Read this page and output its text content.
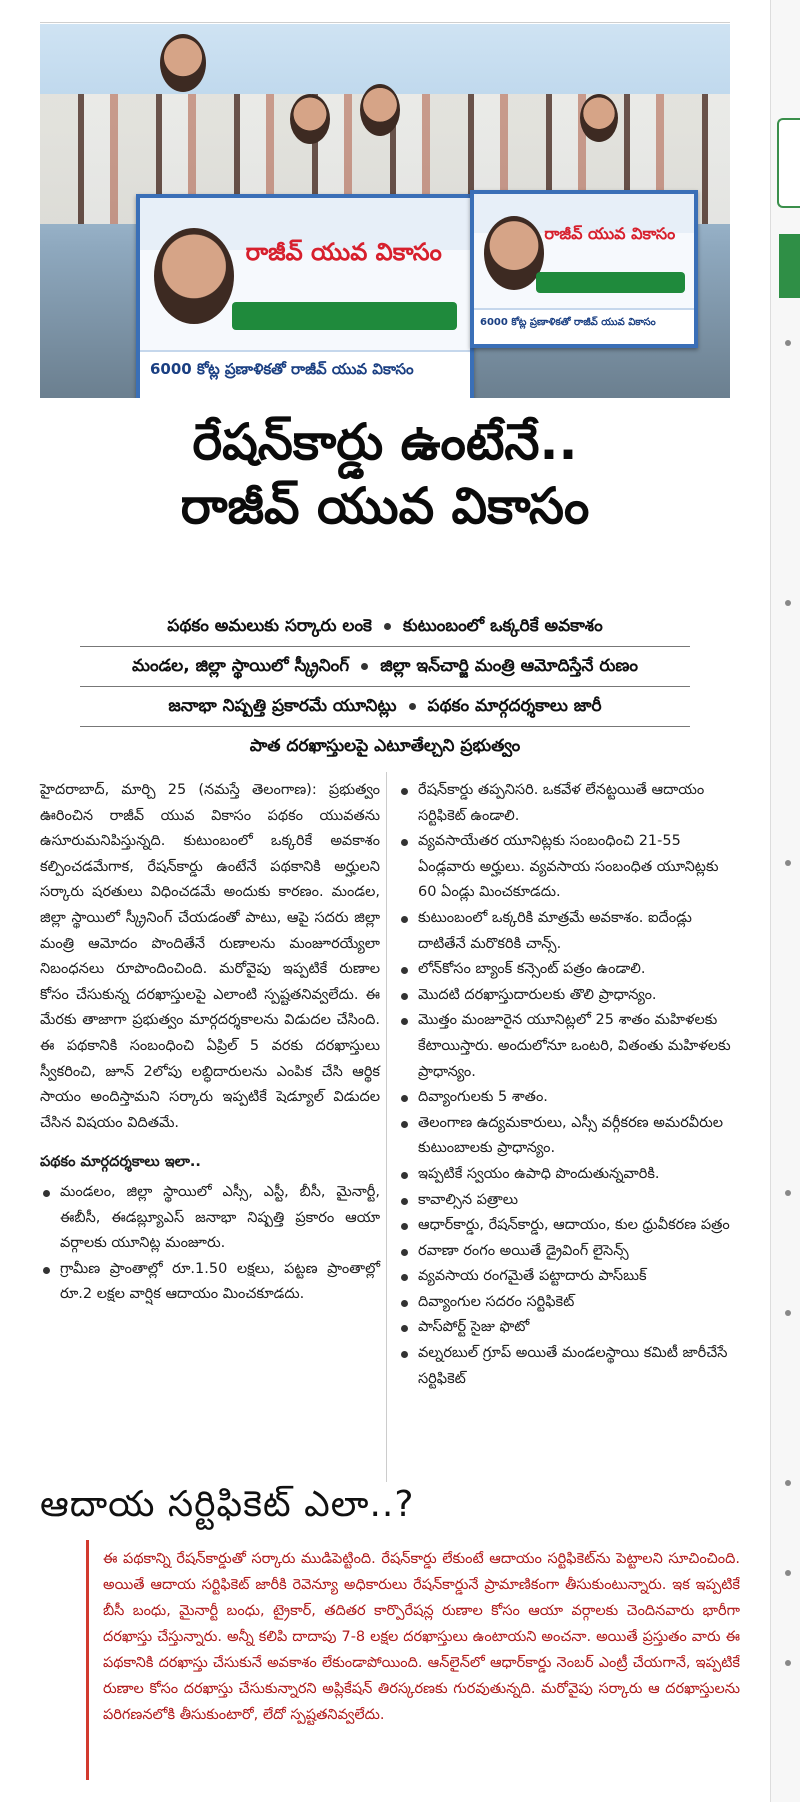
రాజీవ్ యువ వికాసం
6000 కోట్ల ప్రణాళికతో రాజీవ్ యువ వికాసం
రాజీవ్ యువ వికాసం
6000 కోట్ల ప్రణాళికతో రాజీవ్ యువ వికాసం
రేషన్‌కార్డు ఉంటేనే..
రాజీవ్ యువ వికాసం
పథకం అమలుకు సర్కారు లంకె కుటుంబంలో ఒక్కరికే అవకాశం
మండల, జిల్లా స్థాయిలో స్క్రీనింగ్ జిల్లా ఇన్‌చార్జి మంత్రి ఆమోదిస్తేనే రుణం
జనాభా నిష్పత్తి ప్రకారమే యూనిట్లు పథకం మార్గదర్శకాలు జారీ
పాత దరఖాస్తులపై ఎటూతేల్చని ప్రభుత్వం

హైదరాబాద్, మార్చి 25 (నమస్తే తెలంగాణ): ప్రభుత్వం ఊరించిన రాజీవ్ యువ వికాసం పథకం యువతను ఉసూరుమనిపిస్తున్నది. కుటుంబంలో ఒక్కరికే అవకాశం కల్పించడమేగాక, రేషన్‌కార్డు ఉంటేనే పథకానికి అర్హులని సర్కారు షరతులు విధించడమే అందుకు కారణం. మండల, జిల్లా స్థాయిలో స్క్రీనింగ్ చేయడంతో పాటు, ఆపై సదరు జిల్లా మంత్రి ఆమోదం పొందితేనే రుణాలను మంజూరయ్యేలా నిబంధనలు రూపొందించింది. మరోవైపు ఇప్పటికే రుణాల కోసం చేసుకున్న దరఖాస్తులపై ఎలాంటి స్పష్టతనివ్వలేదు. ఈ మేరకు తాజాగా ప్రభుత్వం మార్గదర్శకాలను విడుదల చేసింది. ఈ పథకానికి సంబంధించి ఏప్రిల్ 5 వరకు దరఖాస్తులు స్వీకరించి, జూన్ 2లోపు లబ్ధిదారులను ఎంపిక చేసి ఆర్థిక సాయం అందిస్తామని సర్కారు ఇప్పటికే షెడ్యూల్ విడుదల చేసిన విషయం విదితమే.

పథకం మార్గదర్శకాలు ఇలా..

మండలం, జిల్లా స్థాయిలో ఎస్సీ, ఎస్టీ, బీసీ, మైనార్టీ, ఈబీసీ, ఈడబ్ల్యూఎస్ జనాభా నిష్పత్తి ప్రకారం ఆయా వర్గాలకు యూనిట్ల మంజూరు.
గ్రామీణ ప్రాంతాల్లో రూ.1.50 లక్షలు, పట్టణ ప్రాంతాల్లో రూ.2 లక్షల వార్షిక ఆదాయం మించకూడదు.
రేషన్‌కార్డు తప్పనిసరి. ఒకవేళ లేనట్టయితే ఆదాయం సర్టిఫికెట్ ఉండాలి.
వ్యవసాయేతర యూనిట్లకు సంబంధించి 21-55 ఏండ్లవారు అర్హులు. వ్యవసాయ సంబంధిత యూనిట్లకు 60 ఏండ్లు మించకూడదు.
కుటుంబంలో ఒక్కరికి మాత్రమే అవకాశం. ఐదేండ్లు దాటితేనే మరొకరికి చాన్స్.
లోన్‌కోసం బ్యాంక్ కన్సెంట్ పత్రం ఉండాలి.
మొదటి దరఖాస్తుదారులకు తొలి ప్రాధాన్యం.
మొత్తం మంజూరైన యూనిట్లలో 25 శాతం మహిళలకు కేటాయిస్తారు. అందులోనూ ఒంటరి, వితంతు మహిళలకు ప్రాధాన్యం.
దివ్యాంగులకు 5 శాతం.
తెలంగాణ ఉద్యమకారులు, ఎస్సీ వర్గీకరణ అమరవీరుల కుటుంబాలకు ప్రాధాన్యం.
ఇప్పటికే స్వయం ఉపాధి పొందుతున్నవారికి.
కావాల్సిన పత్రాలు
ఆధార్‌కార్డు, రేషన్‌కార్డు, ఆదాయం, కుల ధ్రువీకరణ పత్రం
రవాణా రంగం అయితే డ్రైవింగ్ లైసెన్స్
వ్యవసాయ రంగమైతే పట్టాదారు పాస్‌బుక్
దివ్యాంగుల సదరం సర్టిఫికెట్
పాస్‌పోర్ట్ సైజు ఫొటో
వల్నరబుల్ గ్రూప్ అయితే మండలస్థాయి కమిటీ జారీచేసే సర్టిఫికెట్
ఆదాయ సర్టిఫికెట్ ఎలా..?
ఈ పథకాన్ని రేషన్‌కార్డుతో సర్కారు ముడిపెట్టింది. రేషన్‌కార్డు లేకుంటే ఆదాయం సర్టిఫికెట్‌ను పెట్టాలని సూచించింది. అయితే ఆదాయ సర్టిఫికెట్ జారీకి రెవెన్యూ అధికారులు రేషన్‌కార్డునే ప్రామాణికంగా తీసుకుంటున్నారు. ఇక ఇప్పటికే బీసీ బంధు, మైనార్టీ బంధు, ట్రైకార్, తదితర కార్పొరేషన్ల రుణాల కోసం ఆయా వర్గాలకు చెందినవారు భారీగా దరఖాస్తు చేస్తున్నారు. అన్నీ కలిపి దాదాపు 7-8 లక్షల దరఖాస్తులు ఉంటాయని అంచనా. అయితే ప్రస్తుతం వారు ఈ పథకానికి దరఖాస్తు చేసుకునే అవకాశం లేకుండాపోయింది. ఆన్‌లైన్‌లో ఆధార్‌కార్డు నెంబర్ ఎంట్రీ చేయగానే, ఇప్పటికే రుణాల కోసం దరఖాస్తు చేసుకున్నారని అప్లికేషన్ తిరస్కరణకు గురవుతున్నది. మరోవైపు సర్కారు ఆ దరఖాస్తులను పరిగణనలోకి తీసుకుంటారో, లేదో స్పష్టతనివ్వలేదు.
